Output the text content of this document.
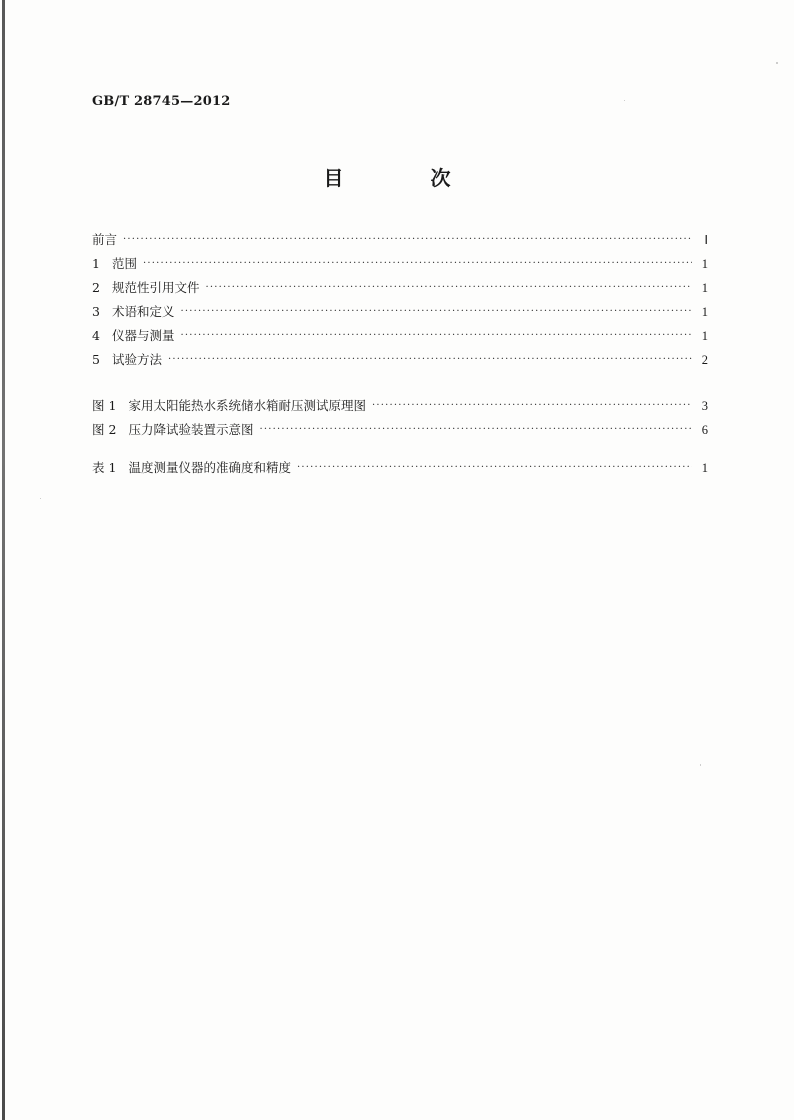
GB/T 28745—2012
目 次
前言 ·····	Ⅰ
1 范围 ·····	1
2 规范性引用文件 ·····	1
3 术语和定义 ·····	1
4 仪器与测量 ·····	1
5 试验方法 ·····	2
图 1 家用太阳能热水系统储水箱耐压测试原理图 ·····	3
图 2 压力降试验装置示意图 ·····	6
表 1 温度测量仪器的准确度和精度 ·····	1
